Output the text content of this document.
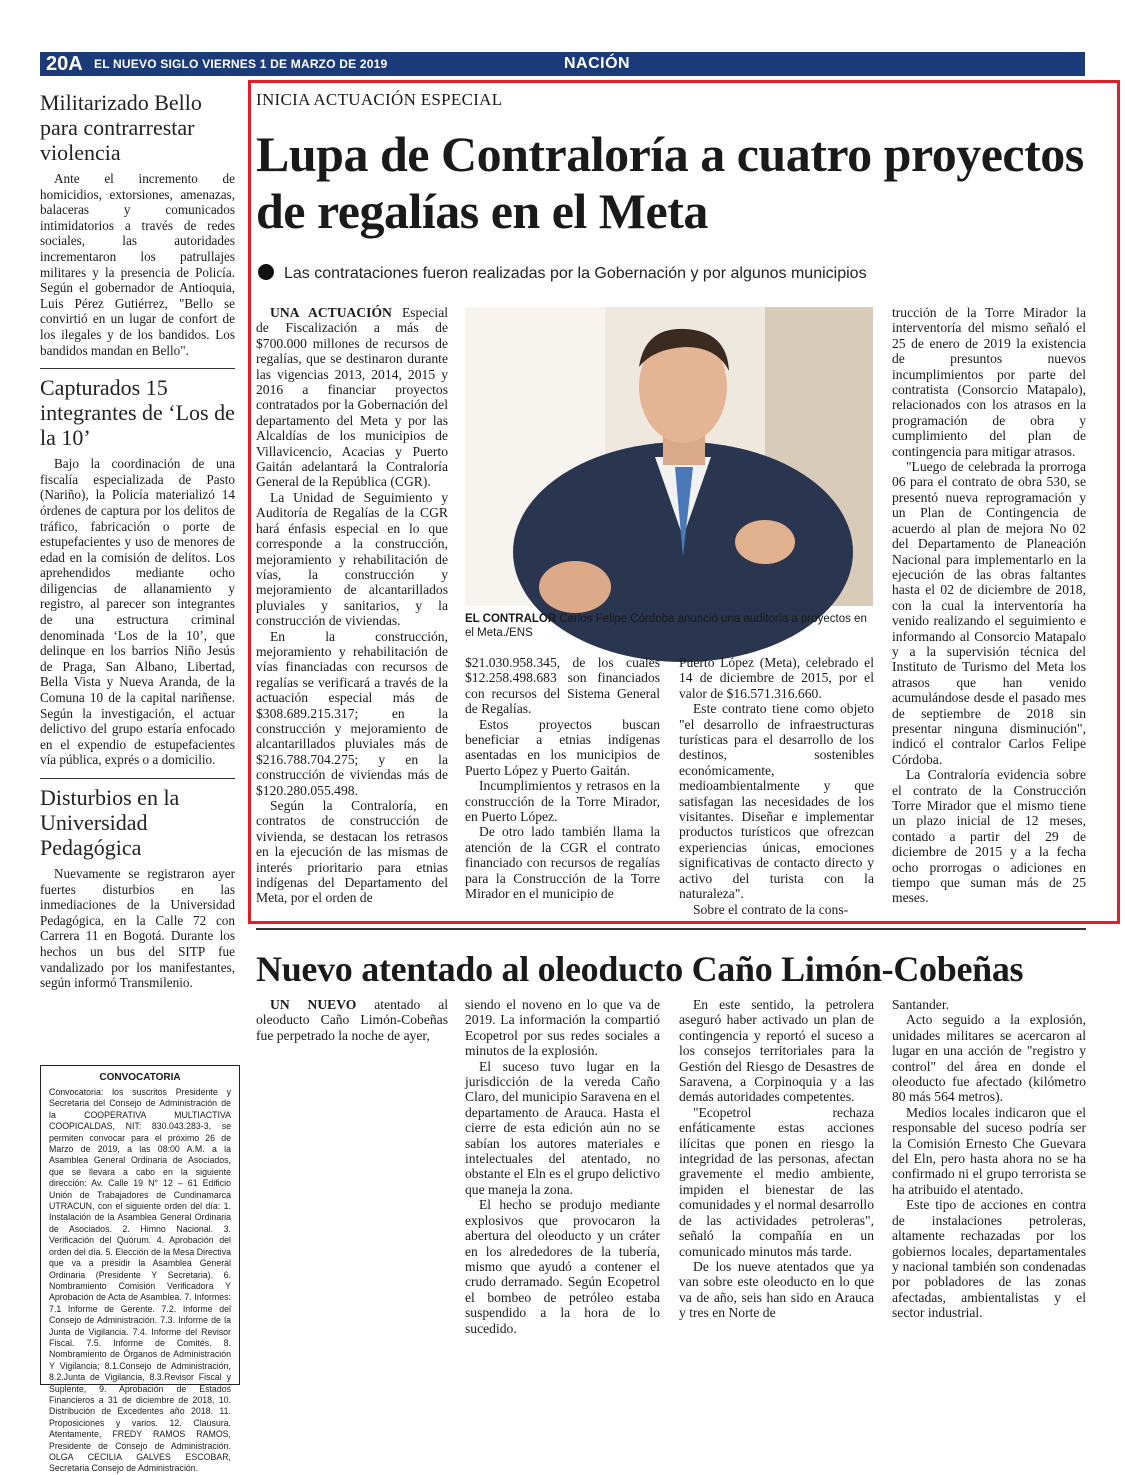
20A EL NUEVO SIGLO VIERNES 1 DE MARZO DE 2019	NACIÓN
Militarizado Bello para contrarrestar violencia

Ante el incremento de homicidios, extorsiones, amenazas, balaceras y comunicados intimidatorios a través de redes sociales, las autoridades incrementaron los patrullajes militares y la presencia de Policía. Según el gobernador de Antioquia, Luis Pérez Gutiérrez, "Bello se convirtió en un lugar de confort de los ilegales y de los bandidos. Los bandidos mandan en Bello".

Capturados 15 integrantes de ‘Los de la 10’

Bajo la coordinación de una fiscalía especializada de Pasto (Nariño), la Policía materializó 14 órdenes de captura por los delitos de tráfico, fabricación o porte de estupefacientes y uso de menores de edad en la comisión de delitos. Los aprehendidos mediante ocho diligencias de allanamiento y registro, al parecer son integrantes de una estructura criminal denominada ‘Los de la 10’, que delinque en los barrios Niño Jesús de Praga, San Albano, Libertad, Bella Vista y Nueva Aranda, de la Comuna 10 de la capital nariñense. Según la investigación, el actuar delictivo del grupo estaría enfocado en el expendio de estupefacientes vía pública, exprés o a domicilio.

Disturbios en la Universidad Pedagógica

Nuevamente se registraron ayer fuertes disturbios en las inmediaciones de la Universidad Pedagógica, en la Calle 72 con Carrera 11 en Bogotá. Durante los hechos un bus del SITP fue vandalizado por los manifestantes, según informó Transmilenio.

INICIA ACTUACIÓN ESPECIAL
Lupa de Contraloría a cuatro proyectos de regalías en el Meta
Las contrataciones fueron realizadas por la Gobernación y por algunos municipios

UNA ACTUACIÓN Especial de Fiscalización a más de $700.000 millones de recursos de regalías, que se destinaron durante las vigencias 2013, 2014, 2015 y 2016 a financiar proyectos contratados por la Gobernación del departamento del Meta y por las Alcaldías de los municipios de Villavicencio, Acacias y Puerto Gaitán adelantará la Contraloría General de la República (CGR).

La Unidad de Seguimiento y Auditoría de Regalías de la CGR hará énfasis especial en lo que corresponde a la construcción, mejoramiento y rehabilitación de vías, la construcción y mejoramiento de alcantarillados pluviales y sanitarios, y la construcción de viviendas.

En la construcción, mejoramiento y rehabilitación de vías financiadas con recursos de regalías se verificará a través de la actuación especial más de $308.689.215.317; en la construcción y mejoramiento de alcantarillados pluviales más de $216.788.704.275; y en la construcción de viviendas más de $120.280.055.498.

Según la Contraloría, en contratos de construcción de vivienda, se destacan los retrasos en la ejecución de las mismas de interés prioritario para etnias indígenas del Departamento del Meta, por el orden de

EL CONTRALOR Carlos Felipe Córdoba anunció una auditoría a proyectos en el Meta./ENS

$21.030.958.345, de los cuales $12.258.498.683 son financiados con recursos del Sistema General de Regalías.

Estos proyectos buscan beneficiar a etnias indígenas asentadas en los municipios de Puerto López y Puerto Gaitán.

Incumplimientos y retrasos en la construcción de la Torre Mirador, en Puerto López.

De otro lado también llama la atención de la CGR el contrato financiado con recursos de regalías para la Construcción de la Torre Mirador en el municipio de

Puerto López (Meta), celebrado el 14 de diciembre de 2015, por el valor de $16.571.316.660.

Este contrato tiene como objeto "el desarrollo de infraestructuras turísticas para el desarrollo de los destinos, sostenibles económicamente, medioambientalmente y que satisfagan las necesidades de los visitantes. Diseñar e implementar productos turísticos que ofrezcan experiencias únicas, emociones significativas de contacto directo y activo del turista con la naturaleza".

Sobre el contrato de la cons-

trucción de la Torre Mirador la interventoría del mismo señaló el 25 de enero de 2019 la existencia de presuntos nuevos incumplimientos por parte del contratista (Consorcio Matapalo), relacionados con los atrasos en la programación de obra y cumplimiento del plan de contingencia para mitigar atrasos.

"Luego de celebrada la prorroga 06 para el contrato de obra 530, se presentó nueva reprogramación y un Plan de Contingencia de acuerdo al plan de mejora No 02 del Departamento de Planeación Nacional para implementarlo en la ejecución de las obras faltantes hasta el 02 de diciembre de 2018, con la cual la interventoría ha venido realizando el seguimiento e informando al Consorcio Matapalo y a la supervisión técnica del Instituto de Turismo del Meta los atrasos que han venido acumulándose desde el pasado mes de septiembre de 2018 sin presentar ninguna disminución", indicó el contralor Carlos Felipe Córdoba.

La Contraloría evidencia sobre el contrato de la Construcción Torre Mirador que el mismo tiene un plazo inicial de 12 meses, contado a partir del 29 de diciembre de 2015 y a la fecha ocho prorrogas o adiciones en tiempo que suman más de 25 meses.

Nuevo atentado al oleoducto Caño Limón-Cobeñas

UN NUEVO atentado al oleoducto Caño Limón-Cobeñas fue perpetrado la noche de ayer,

siendo el noveno en lo que va de 2019. La información la compartió Ecopetrol por sus redes sociales a minutos de la explosión.

El suceso tuvo lugar en la jurisdicción de la vereda Caño Claro, del municipio Saravena en el departamento de Arauca. Hasta el cierre de esta edición aún no se sabían los autores materiales e intelectuales del atentado, no obstante el Eln es el grupo delictivo que maneja la zona.

El hecho se produjo mediante explosivos que provocaron la abertura del oleoducto y un cráter en los alrededores de la tubería, mismo que ayudó a contener el crudo derramado. Según Ecopetrol el bombeo de petróleo estaba suspendido a la hora de lo sucedido.

En este sentido, la petrolera aseguró haber activado un plan de contingencia y reportó el suceso a los consejos territoriales para la Gestión del Riesgo de Desastres de Saravena, a Corpinoquia y a las demás autoridades competentes.

"Ecopetrol rechaza enfáticamente estas acciones ilícitas que ponen en riesgo la integridad de las personas, afectan gravemente el medio ambiente, impiden el bienestar de las comunidades y el normal desarrollo de las actividades petroleras", señaló la compañía en un comunicado minutos más tarde.

De los nueve atentados que ya van sobre este oleoducto en lo que va de año, seis han sido en Arauca y tres en Norte de

Santander.

Acto seguido a la explosión, unidades militares se acercaron al lugar en una acción de "registro y control" del área en donde el oleoducto fue afectado (kilómetro 80 más 564 metros).

Medios locales indicaron que el responsable del suceso podría ser la Comisión Ernesto Che Guevara del Eln, pero hasta ahora no se ha confirmado ni el grupo terrorista se ha atribuido el atentado.

Este tipo de acciones en contra de instalaciones petroleras, altamente rechazadas por los gobiernos locales, departamentales y nacional también son condenadas por pobladores de las zonas afectadas, ambientalistas y el sector industrial.

CONVOCATORIA
Convocatoria: los suscritos Presidente y Secretaria del Consejo de Administración de la COOPERATIVA MULTIACTIVA COOPICALDAS, NIT: 830.043.283-3, se permiten convocar para el próximo 26 de Marzo de 2019, a las 08:00 A.M. a la Asamblea General Ordinaria de Asociados, que se llevara a cabo en la siguiente dirección: Av. Calle 19 N° 12 – 61 Edificio Unión de Trabajadores de Cundinamarca UTRACUN, con el siguiente orden del día: 1. Instalación de la Asamblea General Ordinaria de Asociados. 2. Himno Nacional. 3. Verificación del Quórum. 4. Aprobación del orden del día. 5. Elección de la Mesa Directiva que va a presidir la Asamblea General Ordinaria (Presidente Y Secretaria). 6. Nombramiento Comisión Verificadora Y Aprobación de Acta de Asamblea. 7. Informes: 7.1 Informe de Gerente. 7.2. Informe del Consejo de Administración. 7.3. Informe de la Junta de Vigilancia. 7.4. Informe del Revisor Fiscal. 7.5. Informe de Comités. 8. Nombramiento de Órganos de Administración Y Vigilancia; 8.1.Consejo de Administración, 8.2.Junta de Vigilancia, 8.3.Revisor Fiscal y Suplente, 9. Aprobación de Estados Financieros a 31 de diciembre de 2018, 10. Distribución de Excedentes año 2018. 11. Proposiciones y varios. 12. Clausura. Atentamente, FREDY RAMOS RAMOS, Presidente de Consejo de Administración. OLGA CECILIA GALVES ESCOBAR, Secretaria Consejo de Administración.
